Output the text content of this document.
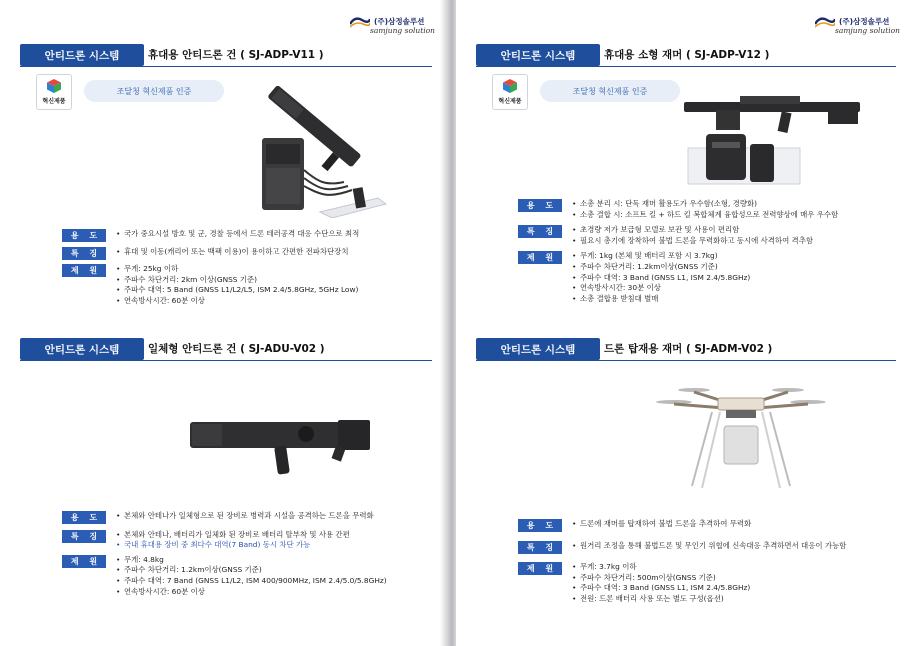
(주)삼정솔루션
samjung solution
안티드론 시스템	휴대용 안티드론 건 ( SJ-ADP-V11 )
혁신제품
조달청 혁신제품 인증
용 도	• 국가 중요시설 방호 및 군, 경찰 등에서 드론 테러공격 대응 수단으로 최적
특 징	• 휴대 및 이동(캐리어 또는 백팩 이용)이 용이하고 간편한 전파차단장치
제 원	• 무게: 25kg 이하
• 주파수 차단거리: 2km 이상(GNSS 기준)
• 주파수 대역: 5 Band (GNSS L1/L2/L5, ISM 2.4/5.8GHz, 5GHz Low)
• 연속방사시간: 60분 이상
안티드론 시스템	일체형 안티드론 건 ( SJ-ADU-V02 )
용 도	• 본체와 안테나가 일체형으로 된 장비로 병력과 시설을 공격하는 드론을 무력화
특 징	• 본체와 안테나, 배터리가 일체화 된 장비로 배터리 탈부착 및 사용 간편
• 국내 휴대용 장비 중 최다수 대역(7 Band) 동시 차단 가능
제 원	• 무게: 4.8kg
• 주파수 차단거리: 1.2km이상(GNSS 기준)
• 주파수 대역: 7 Band (GNSS L1/L2, ISM 400/900MHz, ISM 2.4/5.0/5.8GHz)
• 연속방사시간: 60분 이상
(주)삼정솔루션
samjung solution
안티드론 시스템	휴대용 소형 재머 ( SJ-ADP-V12 )
혁신제품
조달청 혁신제품 인증
용 도	• 소총 분리 시: 단독 재머 활용도가 우수함(소형, 경량화)
• 소총 결합 시: 소프트 킬 + 하드 킬 복합체계 융합성으로 전력향상에 매우 우수함
특 징	• 초경량 저가 보급형 모델로 보관 및 사용이 편리함
• 필요시 총기에 장착하여 불법 드론을 무력화하고 동시에 사격하여 격추함
제 원	• 무게: 1kg (본체 및 배터리 포함 시 3.7kg)
• 주파수 차단거리: 1.2km이상(GNSS 기준)
• 주파수 대역: 3 Band (GNSS L1, ISM 2.4/5.8GHz)
• 연속방사시간: 30분 이상
• 소총 결합용 받침대 별매
안티드론 시스템	드론 탑재용 재머 ( SJ-ADM-V02 )
용 도	• 드론에 재머를 탑재하여 불법 드론을 추격하여 무력화
특 징	• 원거리 조정을 통해 불법드론 및 무인기 위협에 신속대응 추격하면서 대응이 가능함
제 원	• 무게: 3.7kg 이하
• 주파수 차단거리: 500m이상(GNSS 기준)
• 주파수 대역: 3 Band (GNSS L1, ISM 2.4/5.8GHz)
• 전원: 드론 배터리 사용 또는 별도 구성(옵션)
